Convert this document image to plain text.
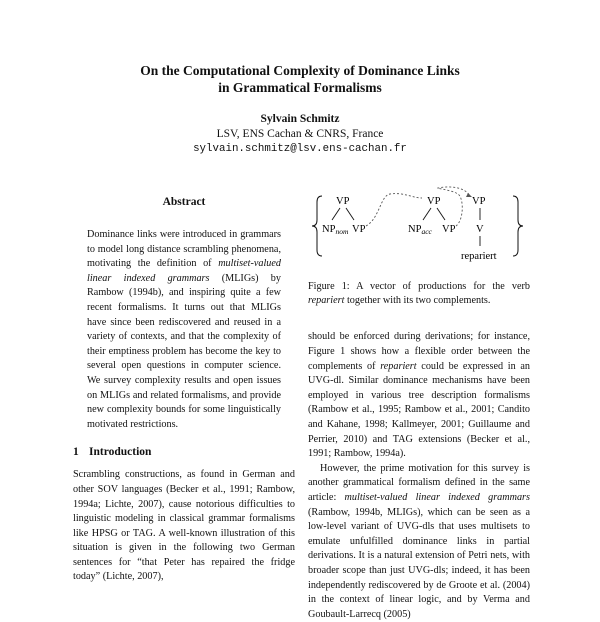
On the Computational Complexity of Dominance Links
in Grammatical Formalisms
Sylvain Schmitz
LSV, ENS Cachan & CNRS, France
sylvain.schmitz@lsv.ens-cachan.fr
Abstract

Dominance links were introduced in grammars to model long distance scrambling phenomena, motivating the definition of multiset-valued linear indexed grammars (MLIGs) by Rambow (1994b), and inspiring quite a few recent formalisms. It turns out that MLIGs have since been rediscovered and reused in a variety of contexts, and that the complexity of their emptiness problem has become the key to several open questions in computer science. We survey complexity results and open issues on MLIGs and related formalisms, and provide new complexity bounds for some linguistically motivated restrictions.

1 Introduction

Scrambling constructions, as found in German and other SOV languages (Becker et al., 1991; Rambow, 1994a; Lichte, 2007), cause notorious difficulties to linguistic modeling in classical grammar formalisms like HPSG or TAG. A well-known illustration of this situation is given in the following two German sentences for “that Peter has repaired the fridge today” (Lichte, 2007),

VP
NPnom VP
VP
NPacc VP
VP
V
repariert
Figure 1: A vector of productions for the verb repariert together with its two complements.

should be enforced during derivations; for instance, Figure 1 shows how a flexible order between the complements of repariert could be expressed in an UVG-dl. Similar dominance mechanisms have been employed in various tree description formalisms (Rambow et al., 1995; Rambow et al., 2001; Candito and Kahane, 1998; Kallmeyer, 2001; Guillaume and Perrier, 2010) and TAG extensions (Becker et al., 1991; Rambow, 1994a).

However, the prime motivation for this survey is another grammatical formalism defined in the same article: multiset-valued linear indexed grammars (Rambow, 1994b, MLIGs), which can be seen as a low-level variant of UVG-dls that uses multisets to emulate unfulfilled dominance links in partial derivations. It is a natural extension of Petri nets, with broader scope than just UVG-dls; indeed, it has been independently rediscovered by de Groote et al. (2004) in the context of linear logic, and by Verma and Goubault-Larrecq (2005)
